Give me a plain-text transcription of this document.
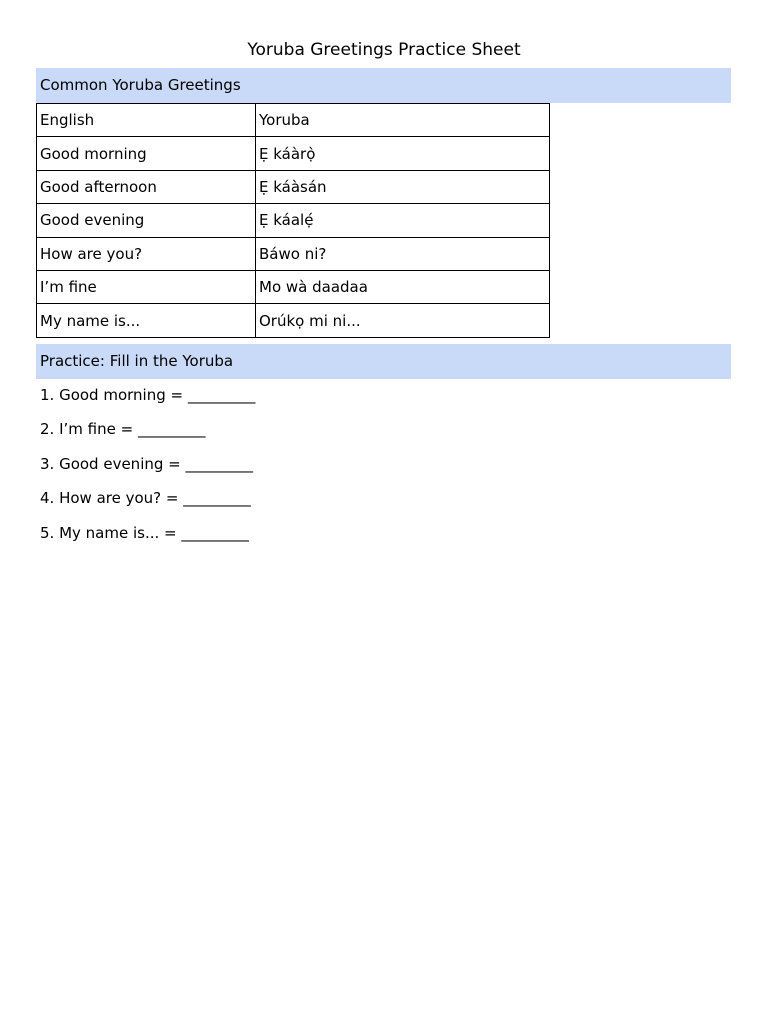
Yoruba Greetings Practice Sheet
Common Yoruba Greetings
English	Yoruba
Good morning	Ẹ káàrọ̀
Good afternoon	Ẹ káàsán
Good evening	Ẹ káalẹ́
How are you?	Báwo ni?
I’m fine	Mo wà daadaa
My name is...	Orúkọ mi ni...
Practice: Fill in the Yoruba
1. Good morning = _________
2. I’m fine = _________
3. Good evening = _________
4. How are you? = _________
5. My name is... = _________
